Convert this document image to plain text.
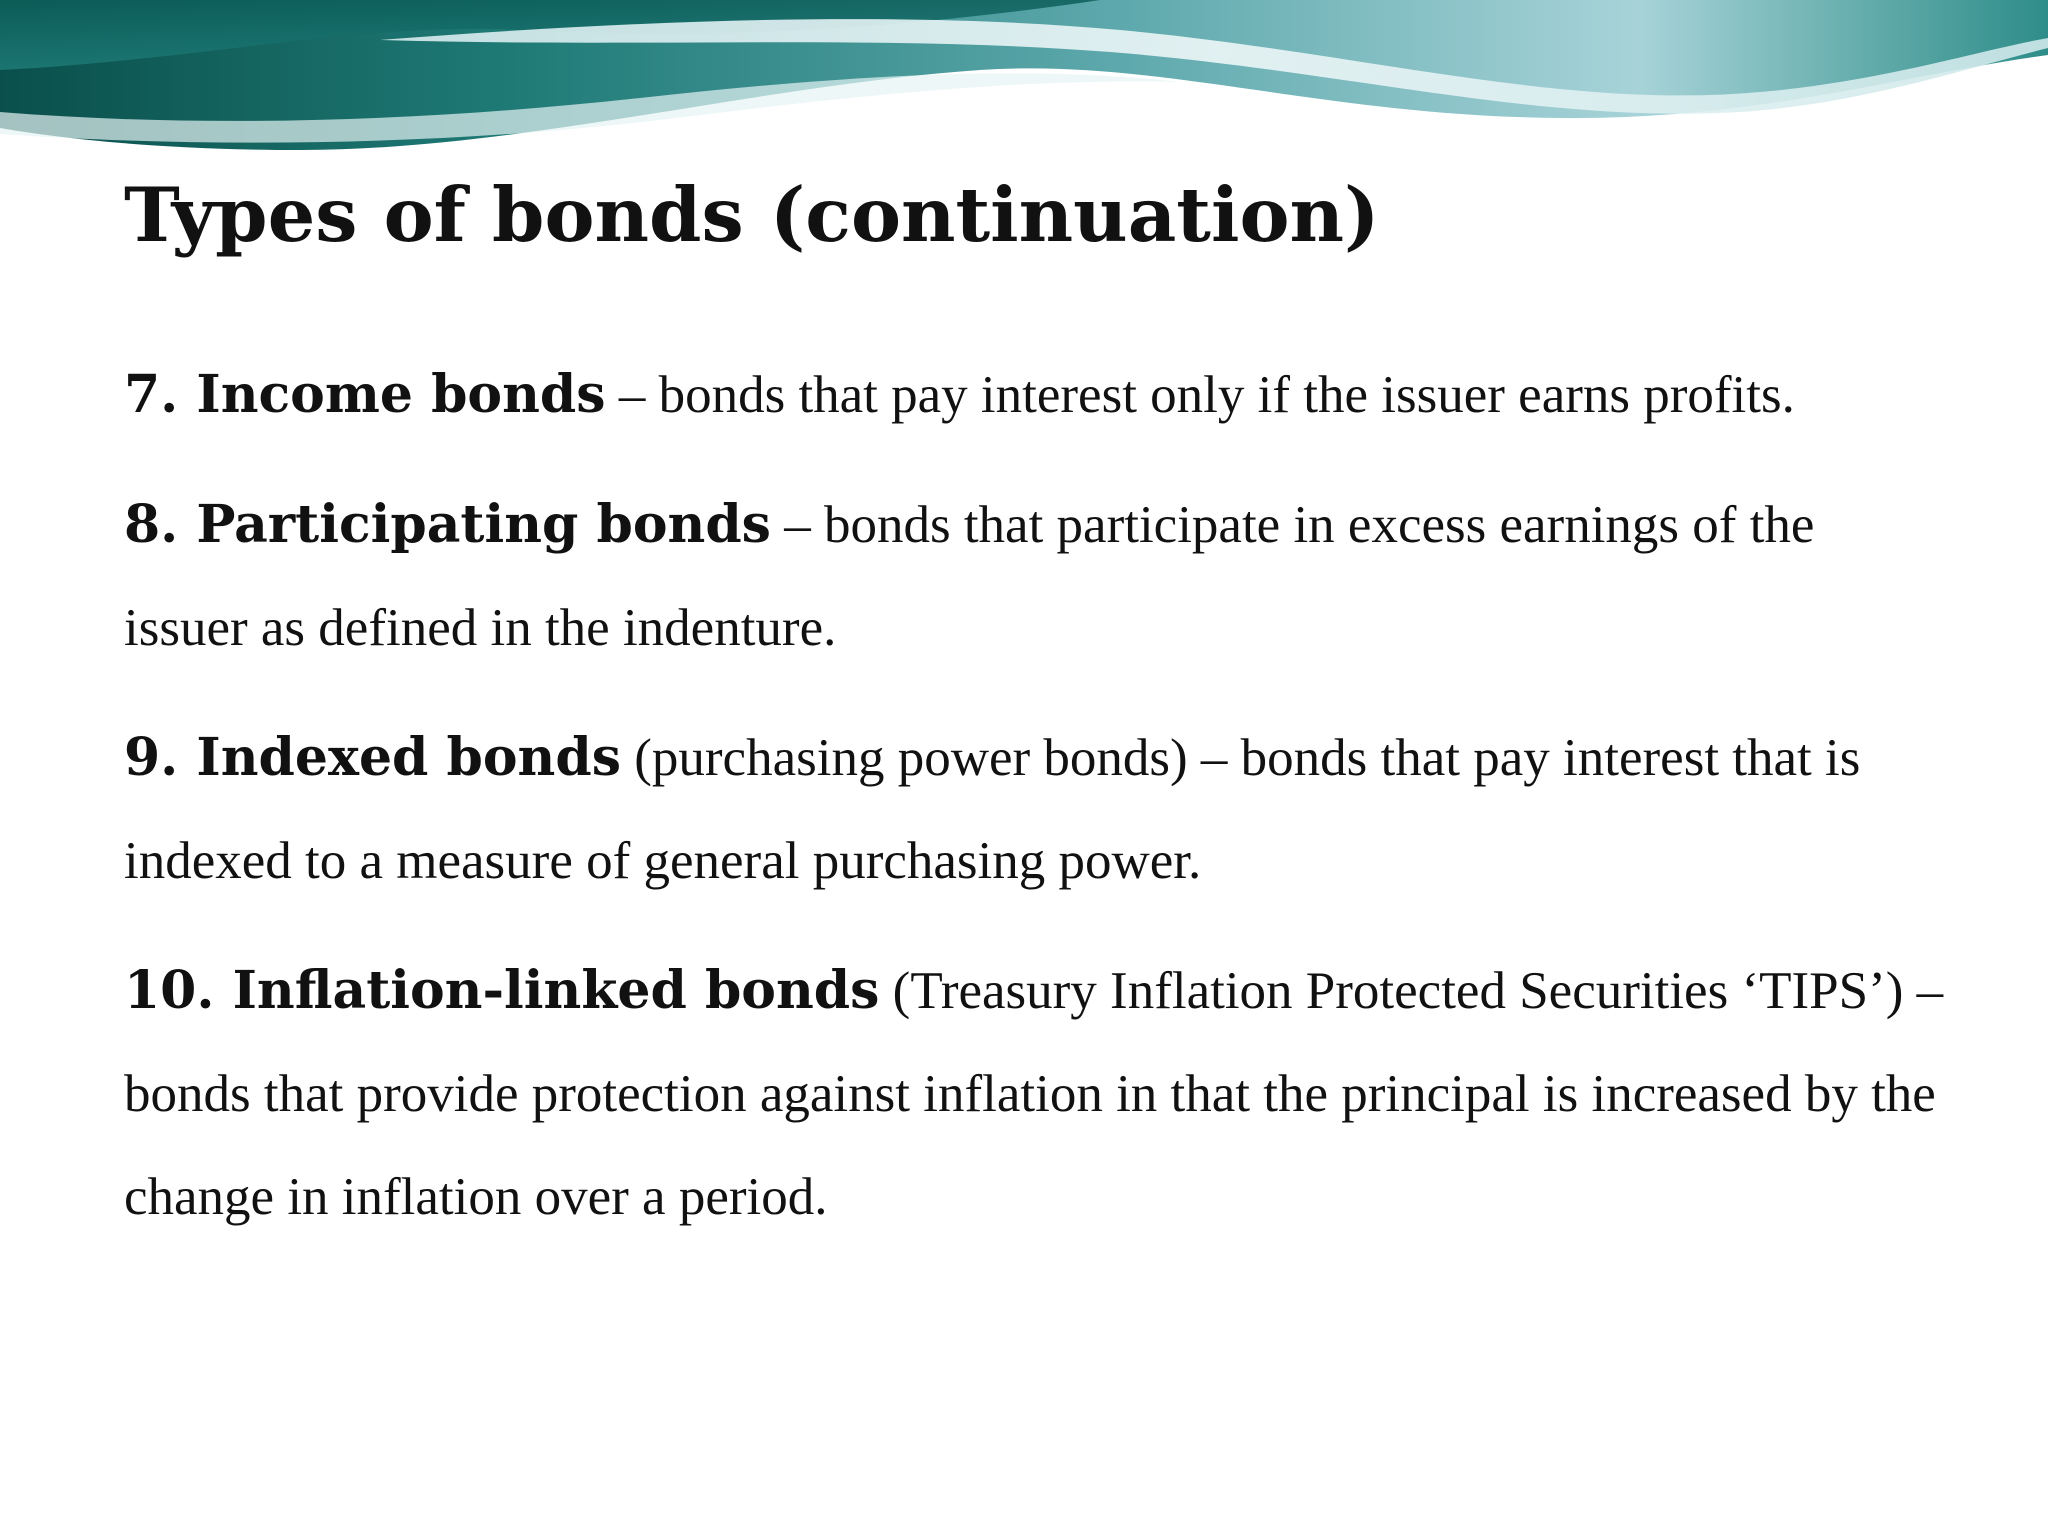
Types of bonds (continuation)

7. Income bonds – bonds that pay interest only if the issuer earns profits.

8. Participating bonds – bonds that participate in excess earnings of the issuer as defined in the indenture.

9. Indexed bonds (purchasing power bonds) – bonds that pay interest that is indexed to a measure of general purchasing power.

10. Inflation-linked bonds (Treasury Inflation Protected Securities ‘TIPS’) – bonds that provide protection against inflation in that the principal is increased by the change in inflation over a period.
